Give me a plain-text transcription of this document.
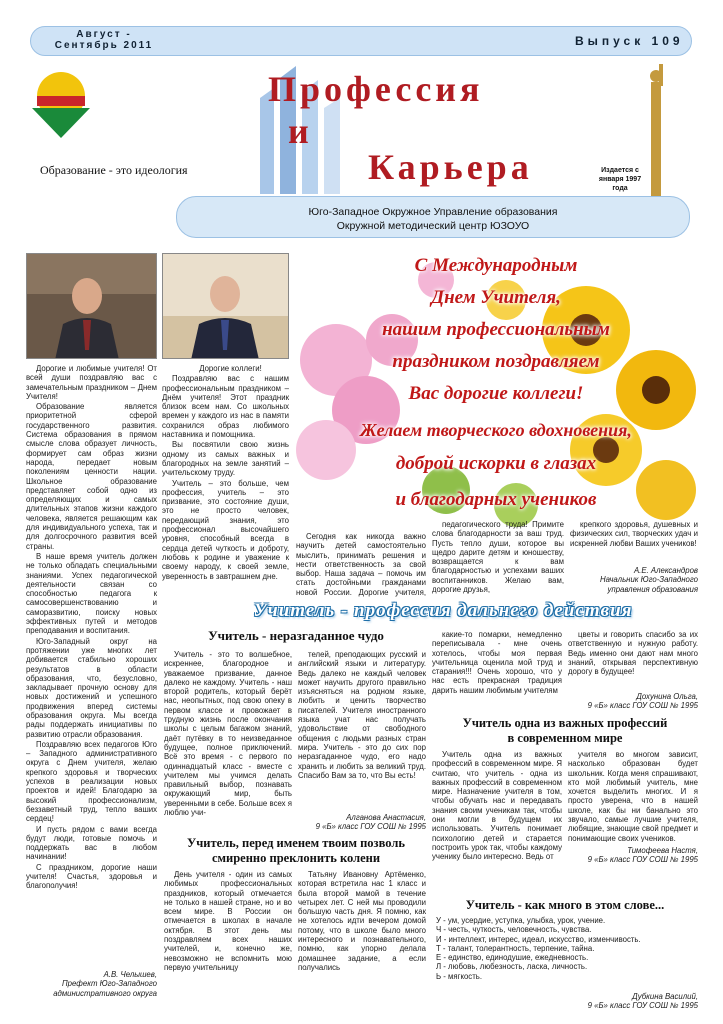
Август - Сентябрь 2011	Выпуск 109
Образование - это идеология
Профессия
и
Карьера	Издается с января 1997 года
Юго-Западное Окружное Управление образования
Окружной методический центр ЮЗОУО
С Международным
Днем Учителя,
нашим профессиональным
праздником поздравляем
Вас дорогие коллеги!
Желаем творческого вдохновения,
доброй искорки в глазах
и благодарных учеников

Дорогие и любимые учителя! От всей души поздравляю вас с замечательным праздником – Днем Учителя!

Образование является приоритетной сферой государственного развития. Система образования в прямом смысле слова образует личность, формирует сам образ жизни народа, передает новым поколениям ценности нации. Школьное образование представляет собой одно из определяющих и самых длительных этапов жизни каждого человека, является решающим как для индивидуального успеха, так и для долгосрочного развития всей страны.

В наше время учитель должен не только обладать специальными знаниями. Успех педагогической деятельности связан со способностью педагога к самосовершенствованию и саморазвитию, поиску новых эффективных путей и методов преподавания и воспитания.

Юго-Западный округ на протяжении уже многих лет добивается стабильно хороших результатов в области образования, что, безусловно, закладывает прочную основу для новых достижений и успешного продвижения вперед системы образования округа. Мы всегда рады поддержать инициативы по развитию отрасли образования.

Поздравляю всех педагогов Юго – Западного административного округа с Днем учителя, желаю крепкого здоровья и творческих успехов в реализации новых проектов и идей! Благодарю за высокий профессионализм, беззаветный труд, тепло ваших сердец!

И пусть рядом с вами всегда будут люди, готовые помочь и поддержать вас в любом начинании!

С праздником, дорогие наши учителя! Счастья, здоровья и благополучия!

А.В. Челышев,
Префект Юго-Западного
административного округа

Дорогие коллеги!

Поздравляю вас с нашим профессиональным праздником – Днём учителя! Этот праздник близок всем нам. Со школьных времен у каждого из нас в памяти сохранился образ любимого наставника и помощника.

Вы посвятили свою жизнь одному из самых важных и благородных на земле занятий – учительскому труду.

Учитель – это больше, чем профессия, учитель – это призвание, это состояние души, это не просто человек, передающий знания, это профессионал высочайшего уровня, способный всегда в сердца детей чуткость и доброту, любовь к родине и уважение к своему народу, к своей земле, уверенность в завтрашнем дне.

Сегодня как никогда важно научить детей самостоятельно мыслить, принимать решения и нести ответственность за свой выбор. Наша задача – помочь им стать достойными гражданами новой России. Дорогие учителя,

педагогического труда! Примите слова благодарности за ваш труд. Пусть тепло души, которое вы щедро дарите детям и юношеству, возвращается к вам благодарностью и успехами ваших воспитанников. Желаю вам, дорогие друзья,

крепкого здоровья, душевных и физических сил, творческих удач и искренней любви Ваших учеников!

А.Е. Александров
Начальник Юго-Западного
управления образования
Учитель - профессия дальнего действия
Учитель - неразгаданное чудо

Учитель - это то волшебное, искреннее, благородное и уважаемое призвание, данное далеко не каждому. Учитель - наш второй родитель, который берёт нас, неопытных, под свою опеку в первом классе и провожает в трудную жизнь после окончания школы с целым багажом знаний, даёт путёвку в то неизведанное будущее, полное приключений. Всё это время - с первого по одиннадцатый класс - вместе с учителем мы учимся делать правильный выбор, познавать окружающий мир, быть уверенными в себе. Больше всех я люблю учи-

телей, преподающих русский и английский языки и литературу. Ведь далеко не каждый человек может научить другого правильно изъясняться на родном языке, любить и ценить творчество писателей. Учителя иностранного языка учат нас получать удовольствие от свободного общения с людьми разных стран мира. Учитель - это до сих пор неразгаданное чудо, его надо хранить и любить за великий труд. Спасибо Вам за то, что Вы есть!

Алганова Анастасия,
9 «Б» класс ГОУ СОШ № 1995
Учитель, перед именем твоим позволь
смиренно преклонить колени

День учителя - один из самых любимых профессиональных праздников, который отмечается не только в нашей стране, но и во всем мире. В России он отмечается в школах в начале октября. В этот день мы поздравляем всех наших учителей, и, конечно же, невозможно не вспомнить мою первую учительницу

Татьяну Ивановну Артёменко, которая встретила нас 1 класс и была второй мамой в течение четырех лет. С ней мы проводили большую часть дня. Я помню, как не хотелось идти вечером домой потому, что в школе было много интересного и познавательного, помню, как упорно делала домашнее задание, а если получались

какие-то помарки, немедленно переписывала - мне очень хотелось, чтобы моя первая учительница оценила мой труд и старания!!! Очень хорошо, что у нас есть прекрасная традиция дарить нашим любимым учителям

цветы и говорить спасибо за их ответственную и нужную работу. Ведь именно они дают нам много знаний, открывая перспективную дорогу в будущее!

Дохунина Ольга,
9 «Б» класс ГОУ СОШ № 1995
Учитель одна из важных профессий
в современном мире

Учитель одна из важных профессий в современном мире. Я считаю, что учитель - одна из важных профессий в современном мире. Назначение учителя в том, чтобы обучать нас и передавать знания своим ученикам так, чтобы они могли в будущем их использовать. Учитель понимает психологию детей и старается построить урок так, чтобы каждому ученику было интересно. Ведь от

учителя во многом зависит, насколько образован будет школьник. Когда меня спрашивают, кто мой любимый учитель, мне хочется выделить многих. И я просто уверена, что в нашей школе, как бы ни банально это звучало, самые лучшие учителя, любящие, знающие свой предмет и понимающие своих учеников.

Тимофеева Настя,
9 «Б» класс ГОУ СОШ № 1995
Учитель - как много в этом слове...
У - ум, усердие, уступка, улыбка, урок, учение.
Ч - честь, чуткость, человечность, чувства.
И - интеллект, интерес, идеал, искусство, изменчивость.
Т - талант, толерантность, терпение, тайна.
Е - единство, единодушие, ежедневность.
Л - любовь, любезность, ласка, личность.
Ь - мягкость.
Дубкина Василий,
9 «Б» класс ГОУ СОШ № 1995
